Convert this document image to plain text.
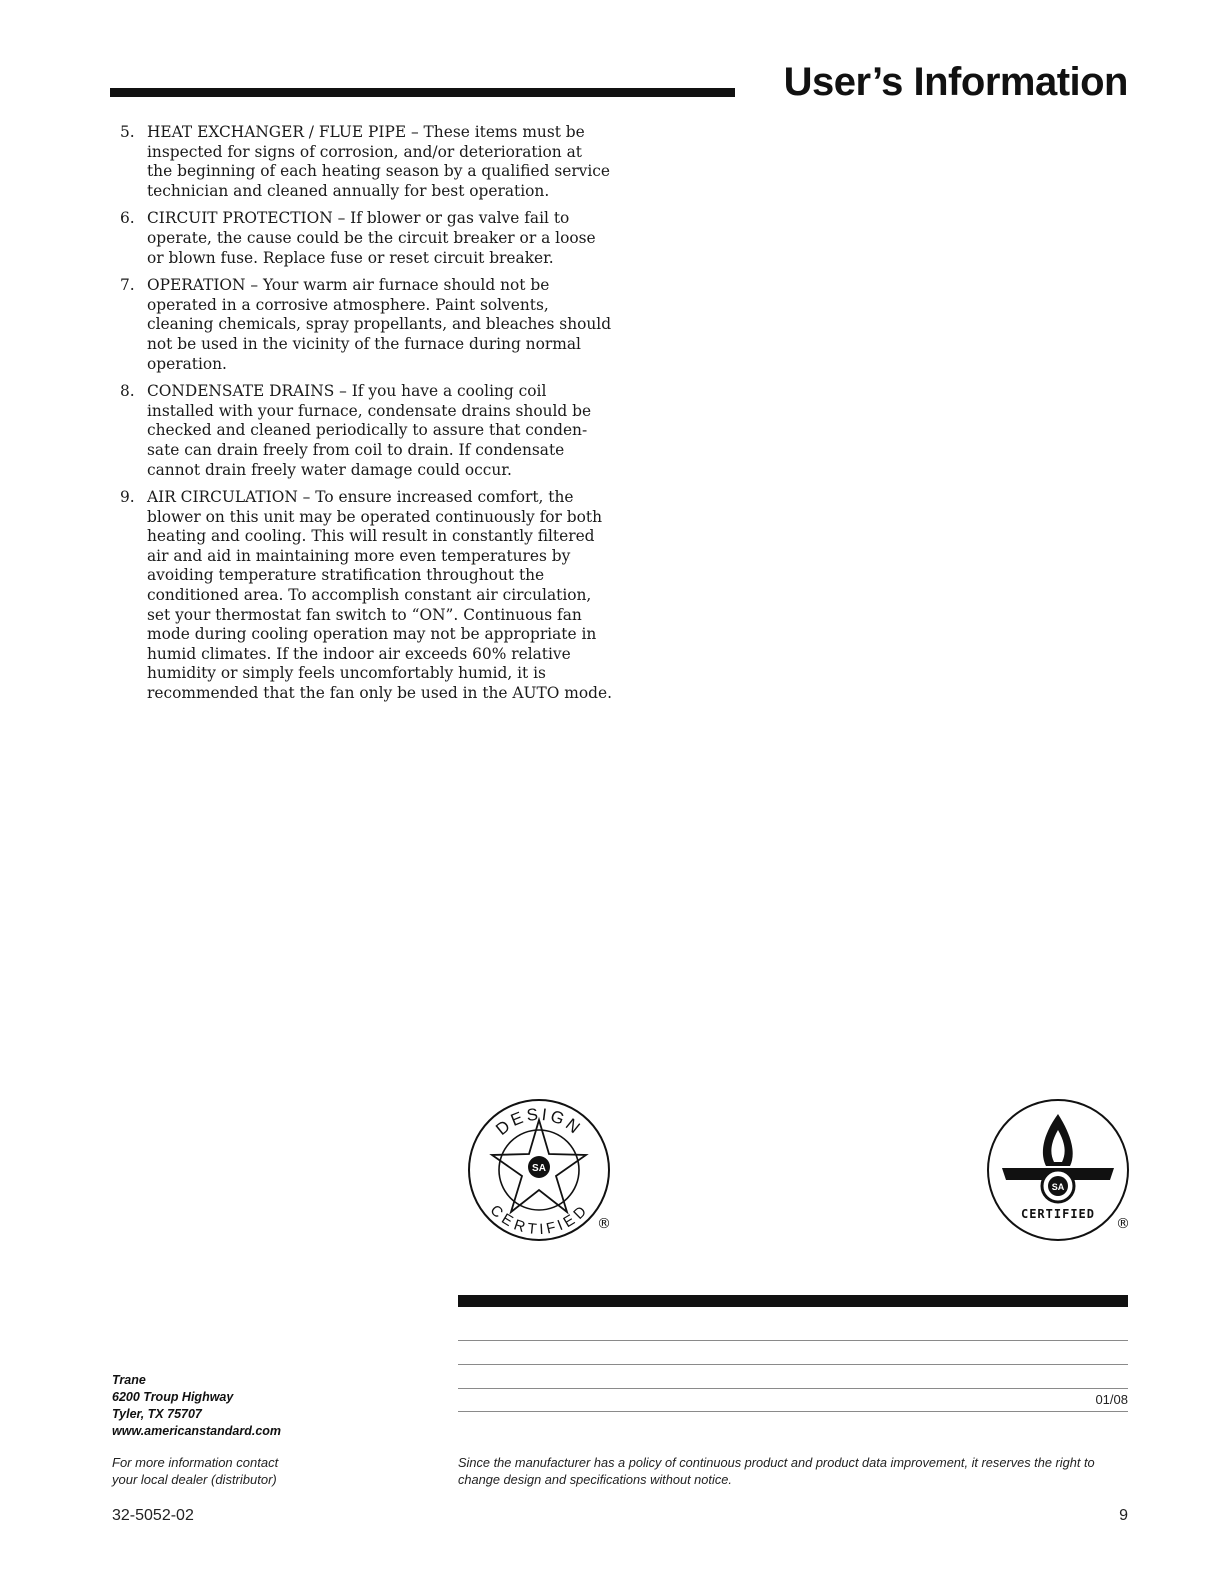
User’s Information
5. HEAT EXCHANGER / FLUE PIPE – These items must be inspected for signs of corrosion, and/or deterioration at the beginning of each heating season by a qualified service technician and cleaned annually for best operation.
6. CIRCUIT PROTECTION – If blower or gas valve fail to operate, the cause could be the circuit breaker or a loose or blown fuse. Replace fuse or reset circuit breaker.
7. OPERATION – Your warm air furnace should not be operated in a corrosive atmosphere. Paint solvents, cleaning chemicals, spray propellants, and bleaches should not be used in the vicinity of the furnace during normal operation.
8. CONDENSATE DRAINS – If you have a cooling coil installed with your furnace, condensate drains should be checked and cleaned periodically to assure that conden-sate can drain freely from coil to drain. If condensate cannot drain freely water damage could occur.
9. AIR CIRCULATION – To ensure increased comfort, the blower on this unit may be operated continuously for both heating and cooling. This will result in constantly filtered air and aid in maintaining more even temperatures by avoiding temperature stratification throughout the conditioned area. To accomplish constant air circulation, set your thermostat fan switch to “ON”. Continuous fan mode during cooling operation may not be appropriate in humid climates. If the indoor air exceeds 60% relative humidity or simply feels uncomfortably humid, it is recommended that the fan only be used in the AUTO mode.
SA
DESIGN
CERTIFIED
®
SA
CERTIFIED
®
01/08
Trane
6200 Troup Highway
Tyler, TX 75707
www.americanstandard.com
For more information contact
your local dealer (distributor)
Since the manufacturer has a policy of continuous product and product data improvement, it reserves the right to change design and specifications without notice.
32-5052-02	9
